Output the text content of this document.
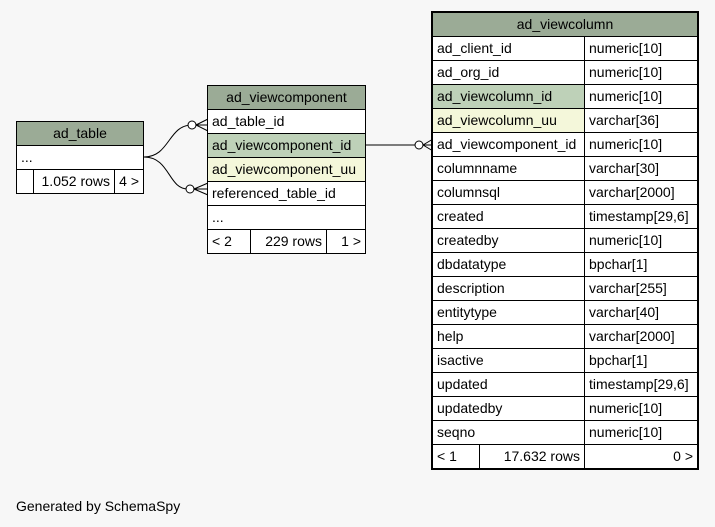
ad_table
...
1.052 rows 4 >
ad_viewcomponent
ad_table_id
ad_viewcomponent_id
ad_viewcomponent_uu
referenced_table_id
...
< 2	229 rows	1 >
ad_viewcolumn
ad_client_id	numeric[10]
ad_org_id	numeric[10]
ad_viewcolumn_id	numeric[10]
ad_viewcolumn_uu	varchar[36]
ad_viewcomponent_id numeric[10]
columnname	varchar[30]
columnsql	varchar[2000]
created	timestamp[29,6]
createdby	numeric[10]
dbdatatype	bpchar[1]
description	varchar[255]
entitytype	varchar[40]
help	varchar[2000]
isactive	bpchar[1]
updated	timestamp[29,6]
updatedby	numeric[10]
seqno	numeric[10]
< 1	17.632 rows	0 >
Generated by SchemaSpy
